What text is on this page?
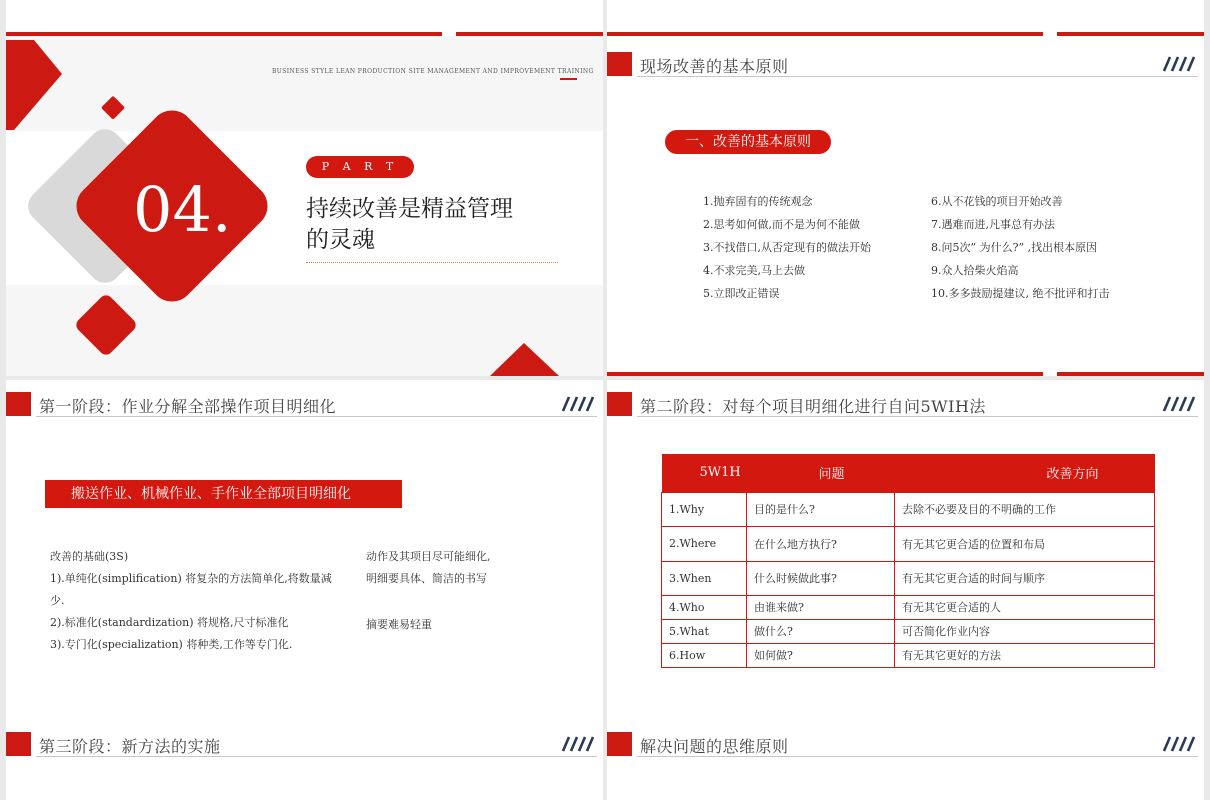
BUSINESS STYLE LEAN PRODUCTION SITE MANAGEMENT AND IMPROVEMENT TRAINING
04.
P A R T
持续改善是精益管理
的灵魂
现场改善的基本原则
一、改善的基本原则
1.抛弃固有的传统观念
2.思考如何做,而不是为何不能做
3.不找借口,从否定现有的做法开始
4.不求完美,马上去做
5.立即改正错误
6.从不花钱的项目开始改善
7.遇难而进,凡事总有办法
8.问5次” 为什么?” ,找出根本原因
9.众人拾柴火焰高
10.多多鼓励提建议, 绝不批评和打击
第一阶段：作业分解全部操作项目明细化
搬送作业、机械作业、手作业全部项目明细化
改善的基础(3S)
1).单纯化(simplification) 将复杂的方法简单化,将数量减
少.
2).标准化(standardization) 将规格,尺寸标准化
3).专门化(specialization) 将种类,工作等专门化.
动作及其项目尽可能细化,
明细要具体、简洁的书写
摘要难易轻重
第二阶段：对每个项目明细化进行自问5WIH法
5W1H	问题	改善方向
1.Why	目的是什么?	去除不必要及目的不明确的工作
2.Where	在什么地方执行?	有无其它更合适的位置和布局
3.When	什么时候做此事?	有无其它更合适的时间与顺序
4.Who	由谁来做?	有无其它更合适的人
5.What	做什么?	可否简化作业内容
6.How	如何做?	有无其它更好的方法
第三阶段：新方法的实施	解决问题的思维原则
